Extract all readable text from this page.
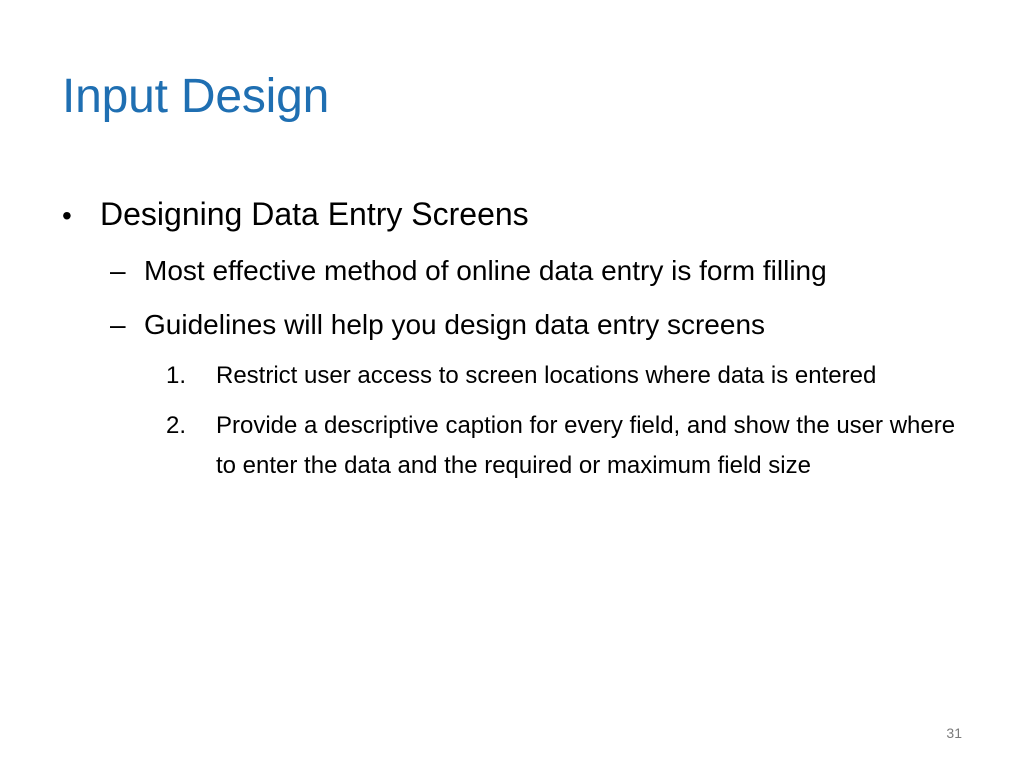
Input Design
• Designing Data Entry Screens
– Most effective method of online data entry is form filling
– Guidelines will help you design data entry screens
1.	Restrict user access to screen locations where data is entered
2.	Provide a descriptive caption for every field, and show the user where to enter the data and the required or maximum field size
31
